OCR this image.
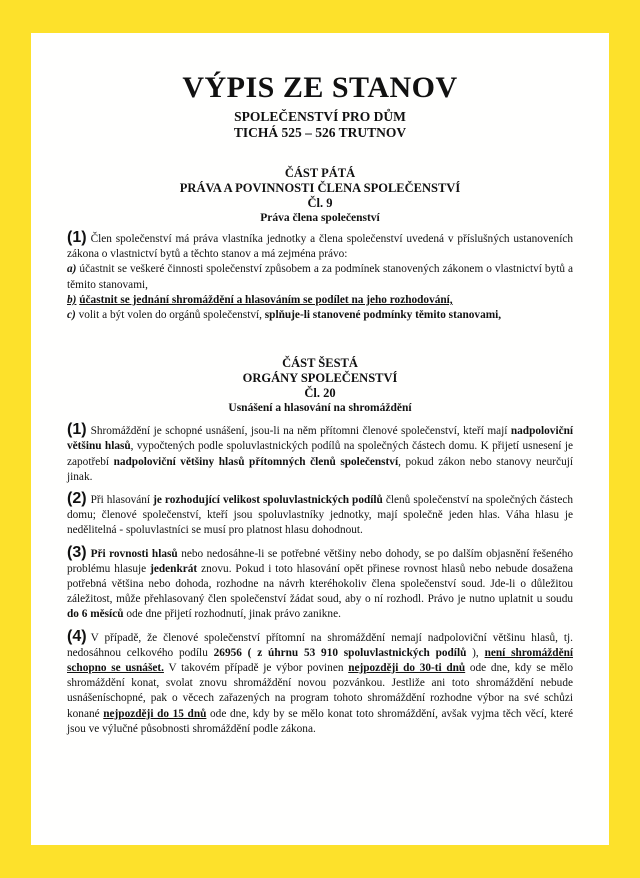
VÝPIS ZE STANOV

SPOLEČENSTVÍ PRO DŮM

TICHÁ 525 – 526 TRUTNOV

ČÁST PÁTÁ

PRÁVA A POVINNOSTI ČLENA SPOLEČENSTVÍ

Čl. 9

Práva člena společenství

(1) Člen společenství má práva vlastníka jednotky a člena společenství uvedená v příslušných ustanoveních zákona o vlastnictví bytů a těchto stanov a má zejména právo:

a) účastnit se veškeré činnosti společenství způsobem a za podmínek stanovených zákonem o vlastnictví bytů a těmito stanovami,

b) účastnit se jednání shromáždění a hlasováním se podílet na jeho rozhodování,

c) volit a být volen do orgánů společenství, splňuje-li stanovené podmínky těmito stanovami,

ČÁST ŠESTÁ

ORGÁNY SPOLEČENSTVÍ

Čl. 20

Usnášení a hlasování na shromáždění

(1) Shromáždění je schopné usnášení, jsou-li na něm přítomni členové společenství, kteří mají nadpoloviční většinu hlasů, vypočtených podle spoluvlastnických podílů na společných částech domu. K přijetí usnesení je zapotřebí nadpoloviční většiny hlasů přítomných členů společenství, pokud zákon nebo stanovy neurčují jinak.

(2) Při hlasování je rozhodující velikost spoluvlastnických podílů členů společenství na společných částech domu; členové společenství, kteří jsou spoluvlastníky jednotky, mají společně jeden hlas. Váha hlasu je nedělitelná - spoluvlastníci se musí pro platnost hlasu dohodnout.

(3) Při rovnosti hlasů nebo nedosáhne-li se potřebné většiny nebo dohody, se po dalším objasnění řešeného problému hlasuje jedenkrát znovu. Pokud i toto hlasování opět přinese rovnost hlasů nebo nebude dosažena potřebná většina nebo dohoda, rozhodne na návrh kteréhokoliv člena společenství soud. Jde-li o důležitou záležitost, může přehlasovaný člen společenství žádat soud, aby o ní rozhodl. Právo je nutno uplatnit u soudu do 6 měsíců ode dne přijetí rozhodnutí, jinak právo zanikne.

(4) V případě, že členové společenství přítomní na shromáždění nemají nadpoloviční většinu hlasů, tj. nedosáhnou celkového podílu 26956 ( z úhrnu 53 910 spoluvlastnických podílů ), není shromáždění schopno se usnášet. V takovém případě je výbor povinen nejpozději do 30-ti dnů ode dne, kdy se mělo shromáždění konat, svolat znovu shromáždění novou pozvánkou. Jestliže ani toto shromáždění nebude usnášeníschopné, pak o věcech zařazených na program tohoto shromáždění rozhodne výbor na své schůzi konané nejpozději do 15 dnů ode dne, kdy by se mělo konat toto shromáždění, avšak vyjma těch věcí, které jsou ve výlučné působnosti shromáždění podle zákona.
